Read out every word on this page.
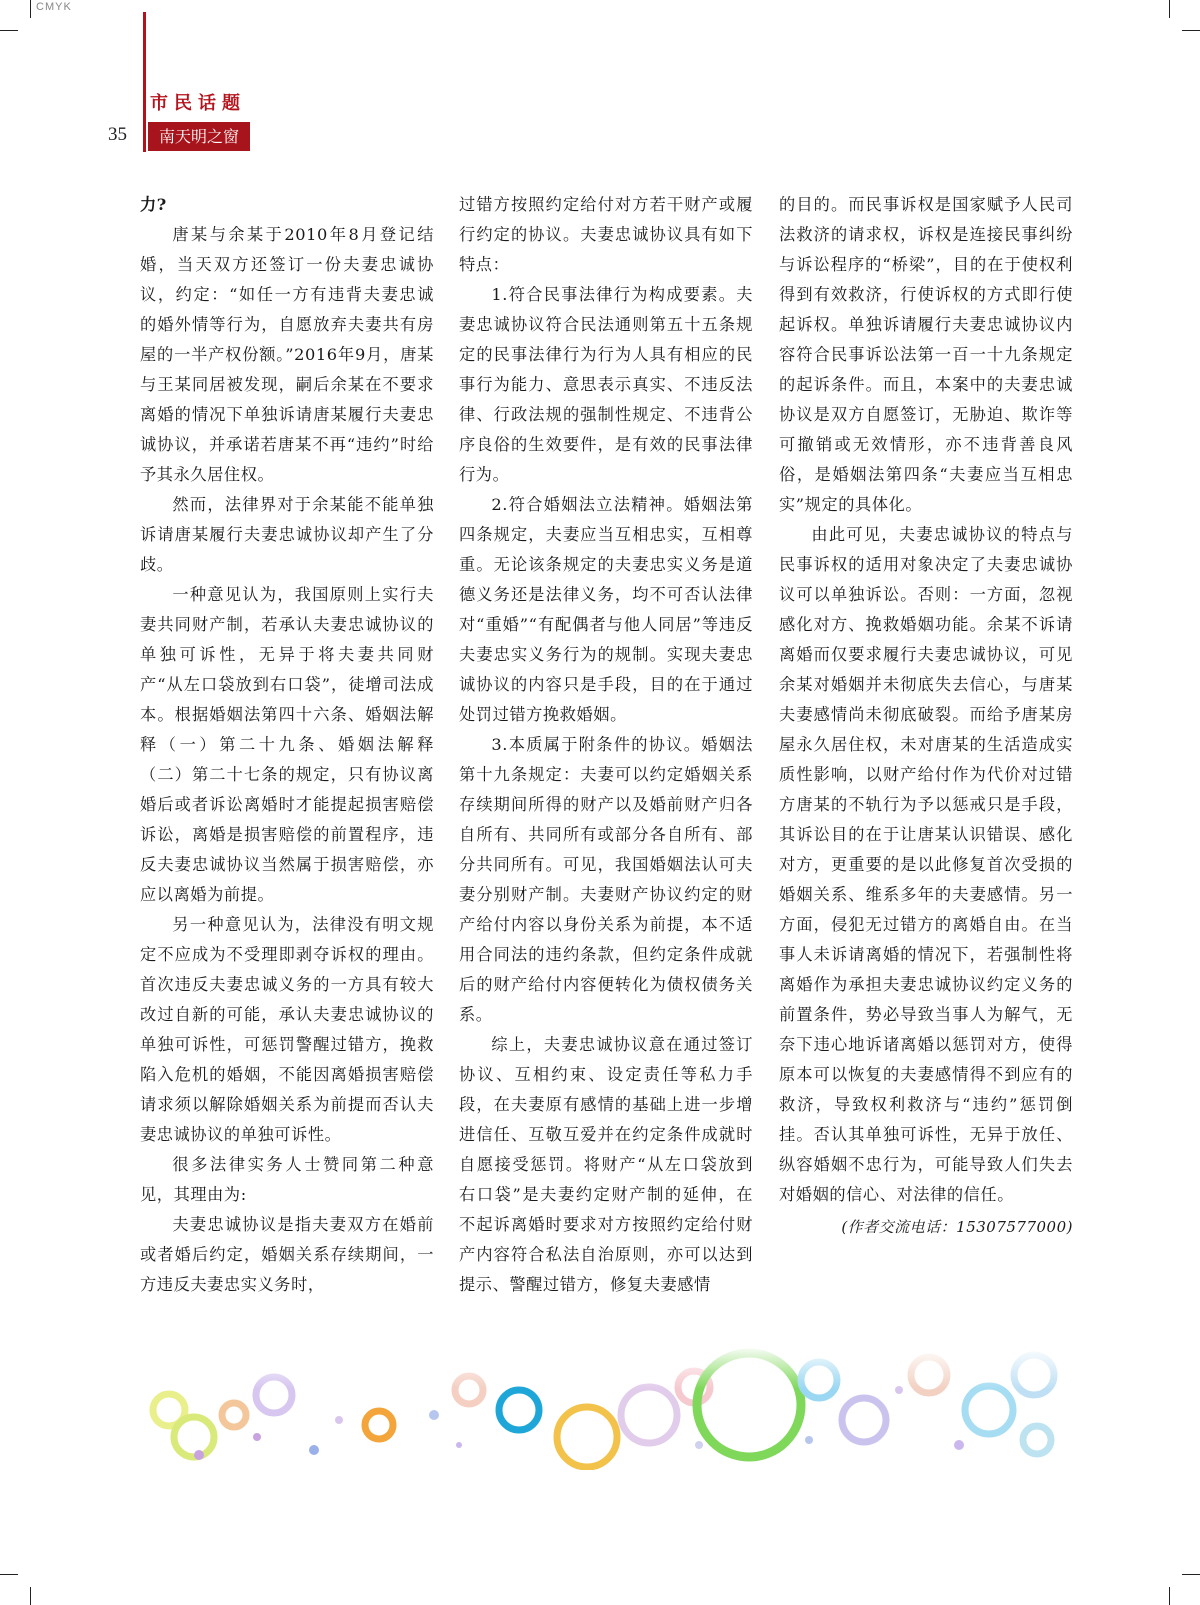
CMYK
市民话题
35	南天明之窗

力?

唐某与余某于2010年8月登记结婚，当天双方还签订一份夫妻忠诚协议，约定：“如任一方有违背夫妻忠诚的婚外情等行为，自愿放弃夫妻共有房屋的一半产权份额。”2016年9月，唐某与王某同居被发现，嗣后余某在不要求离婚的情况下单独诉请唐某履行夫妻忠诚协议，并承诺若唐某不再“违约”时给予其永久居住权。

然而，法律界对于余某能不能单独诉请唐某履行夫妻忠诚协议却产生了分歧。

一种意见认为，我国原则上实行夫妻共同财产制，若承认夫妻忠诚协议的单独可诉性，无异于将夫妻共同财产“从左口袋放到右口袋”，徒增司法成本。根据婚姻法第四十六条、婚姻法解释（一）第二十九条、婚姻法解释（二）第二十七条的规定，只有协议离婚后或者诉讼离婚时才能提起损害赔偿诉讼，离婚是损害赔偿的前置程序，违反夫妻忠诚协议当然属于损害赔偿，亦应以离婚为前提。

另一种意见认为，法律没有明文规定不应成为不受理即剥夺诉权的理由。首次违反夫妻忠诚义务的一方具有较大改过自新的可能，承认夫妻忠诚协议的单独可诉性，可惩罚警醒过错方，挽救陷入危机的婚姻，不能因离婚损害赔偿请求须以解除婚姻关系为前提而否认夫妻忠诚协议的单独可诉性。

很多法律实务人士赞同第二种意见，其理由为:

夫妻忠诚协议是指夫妻双方在婚前或者婚后约定，婚姻关系存续期间，一方违反夫妻忠实义务时，

过错方按照约定给付对方若干财产或履行约定的协议。夫妻忠诚协议具有如下特点：

1.符合民事法律行为构成要素。夫妻忠诚协议符合民法通则第五十五条规定的民事法律行为行为人具有相应的民事行为能力、意思表示真实、不违反法律、行政法规的强制性规定、不违背公序良俗的生效要件，是有效的民事法律行为。

2.符合婚姻法立法精神。婚姻法第四条规定，夫妻应当互相忠实，互相尊重。无论该条规定的夫妻忠实义务是道德义务还是法律义务，均不可否认法律对“重婚”“有配偶者与他人同居”等违反夫妻忠实义务行为的规制。实现夫妻忠诚协议的内容只是手段，目的在于通过处罚过错方挽救婚姻。

3.本质属于附条件的协议。婚姻法第十九条规定：夫妻可以约定婚姻关系存续期间所得的财产以及婚前财产归各自所有、共同所有或部分各自所有、部分共同所有。可见，我国婚姻法认可夫妻分别财产制。夫妻财产协议约定的财产给付内容以身份关系为前提，本不适用合同法的违约条款，但约定条件成就后的财产给付内容便转化为债权债务关系。

综上，夫妻忠诚协议意在通过签订协议、互相约束、设定责任等私力手段，在夫妻原有感情的基础上进一步增进信任、互敬互爱并在约定条件成就时自愿接受惩罚。将财产“从左口袋放到右口袋”是夫妻约定财产制的延伸，在不起诉离婚时要求对方按照约定给付财产内容符合私法自治原则，亦可以达到提示、警醒过错方，修复夫妻感情

的目的。而民事诉权是国家赋予人民司法救济的请求权，诉权是连接民事纠纷与诉讼程序的“桥梁”，目的在于使权利得到有效救济，行使诉权的方式即行使起诉权。单独诉请履行夫妻忠诚协议内容符合民事诉讼法第一百一十九条规定的起诉条件。而且，本案中的夫妻忠诚协议是双方自愿签订，无胁迫、欺诈等可撤销或无效情形，亦不违背善良风俗，是婚姻法第四条“夫妻应当互相忠实”规定的具体化。

由此可见，夫妻忠诚协议的特点与民事诉权的适用对象决定了夫妻忠诚协议可以单独诉讼。否则：一方面，忽视感化对方、挽救婚姻功能。余某不诉请离婚而仅要求履行夫妻忠诚协议，可见余某对婚姻并未彻底失去信心，与唐某夫妻感情尚未彻底破裂。而给予唐某房屋永久居住权，未对唐某的生活造成实质性影响，以财产给付作为代价对过错方唐某的不轨行为予以惩戒只是手段，其诉讼目的在于让唐某认识错误、感化对方，更重要的是以此修复首次受损的婚姻关系、维系多年的夫妻感情。另一方面，侵犯无过错方的离婚自由。在当事人未诉请离婚的情况下，若强制性将离婚作为承担夫妻忠诚协议约定义务的前置条件，势必导致当事人为解气，无奈下违心地诉诸离婚以惩罚对方，使得原本可以恢复的夫妻感情得不到应有的救济，导致权利救济与“违约”惩罚倒挂。否认其单独可诉性，无异于放任、纵容婚姻不忠行为，可能导致人们失去对婚姻的信心、对法律的信任。

(作者交流电话：15307577000)
